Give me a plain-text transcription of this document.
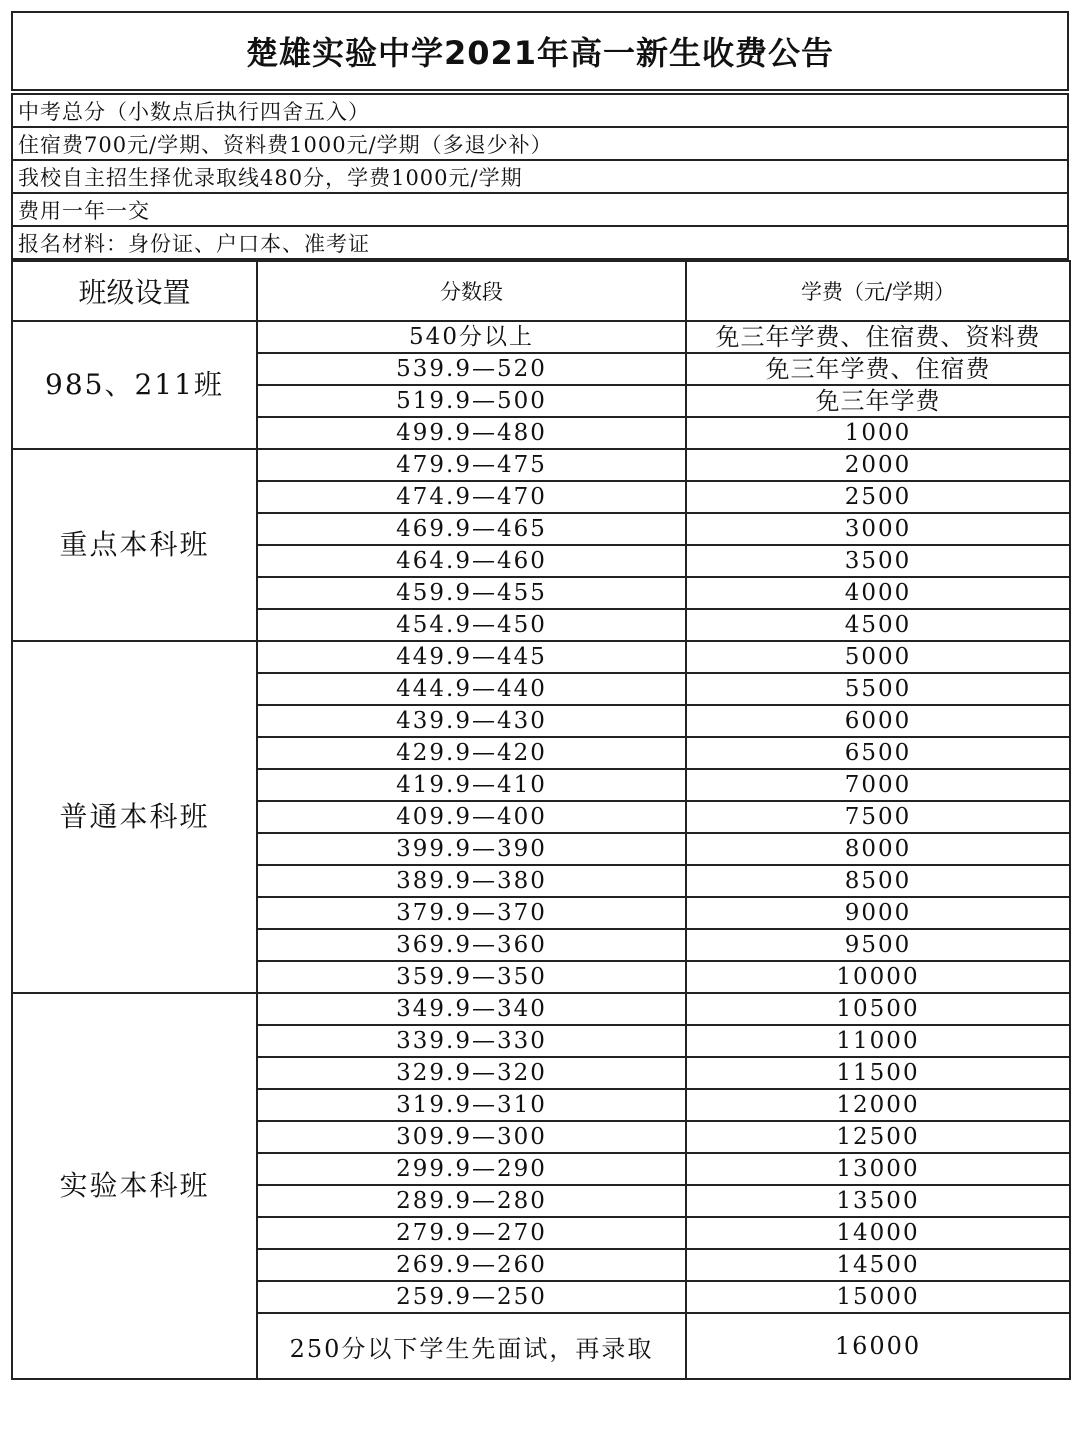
楚雄实验中学2021年高一新生收费公告
中考总分（小数点后执行四舍五入）
住宿费700元/学期、资料费1000元/学期（多退少补）
我校自主招生择优录取线480分，学费1000元/学期
费用一年一交
报名材料：身份证、户口本、准考证
班级设置	分数段	学费（元/学期）
985、211班	540分以上	免三年学费、住宿费、资料费
	539.9—520	免三年学费、住宿费
	519.9—500	免三年学费
	499.9—480	1000
重点本科班	479.9—475	2000
	474.9—470	2500
	469.9—465	3000
	464.9—460	3500
	459.9—455	4000
	454.9—450	4500
普通本科班	449.9—445	5000
	444.9—440	5500
	439.9—430	6000
	429.9—420	6500
	419.9—410	7000
	409.9—400	7500
	399.9—390	8000
	389.9—380	8500
	379.9—370	9000
	369.9—360	9500
	359.9—350	10000
实验本科班	349.9—340	10500
	339.9—330	11000
	329.9—320	11500
	319.9—310	12000
	309.9—300	12500
	299.9—290	13000
	289.9—280	13500
	279.9—270	14000
	269.9—260	14500
	259.9—250	15000
	250分以下学生先面试，再录取	16000
